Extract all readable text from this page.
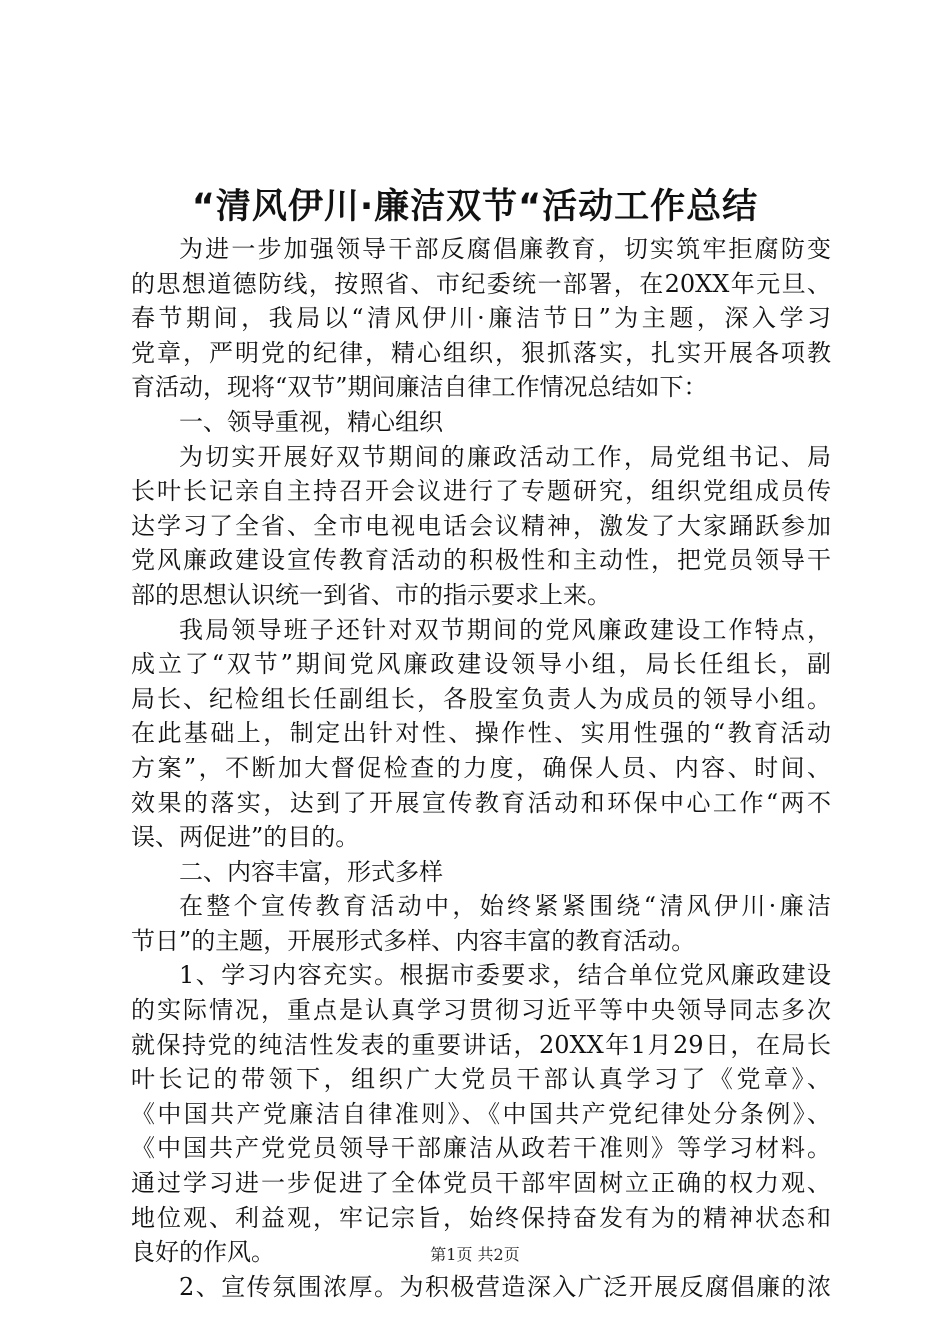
“清风伊川·廉洁双节“活动工作总结
为进一步加强领导干部反腐倡廉教育，切实筑牢拒腐防变
的思想道德防线，按照省、市纪委统一部署，在20XX年元旦、
春节期间，我局以“清风伊川·廉洁节日”为主题，深入学习
党章，严明党的纪律，精心组织，狠抓落实，扎实开展各项教
育活动，现将“双节”期间廉洁自律工作情况总结如下：
一、领导重视，精心组织
为切实开展好双节期间的廉政活动工作，局党组书记、局
长叶长记亲自主持召开会议进行了专题研究，组织党组成员传
达学习了全省、全市电视电话会议精神，激发了大家踊跃参加
党风廉政建设宣传教育活动的积极性和主动性，把党员领导干
部的思想认识统一到省、市的指示要求上来。
我局领导班子还针对双节期间的党风廉政建设工作特点，
成立了“双节”期间党风廉政建设领导小组，局长任组长，副
局长、纪检组长任副组长，各股室负责人为成员的领导小组。
在此基础上，制定出针对性、操作性、实用性强的“教育活动
方案”，不断加大督促检查的力度，确保人员、内容、时间、
效果的落实，达到了开展宣传教育活动和环保中心工作“两不
误、两促进”的目的。
二、内容丰富，形式多样
在整个宣传教育活动中，始终紧紧围绕“清风伊川·廉洁
节日”的主题，开展形式多样、内容丰富的教育活动。
1、学习内容充实。根据市委要求，结合单位党风廉政建设
的实际情况，重点是认真学习贯彻习近平等中央领导同志多次
就保持党的纯洁性发表的重要讲话，20XX年1月29日，在局长
叶长记的带领下，组织广大党员干部认真学习了《党章》、
《中国共产党廉洁自律准则》、《中国共产党纪律处分条例》、
《中国共产党党员领导干部廉洁从政若干准则》等学习材料。
通过学习进一步促进了全体党员干部牢固树立正确的权力观、
地位观、利益观，牢记宗旨，始终保持奋发有为的精神状态和
良好的作风。
2、宣传氛围浓厚。为积极营造深入广泛开展反腐倡廉的浓
第1页 共2页
